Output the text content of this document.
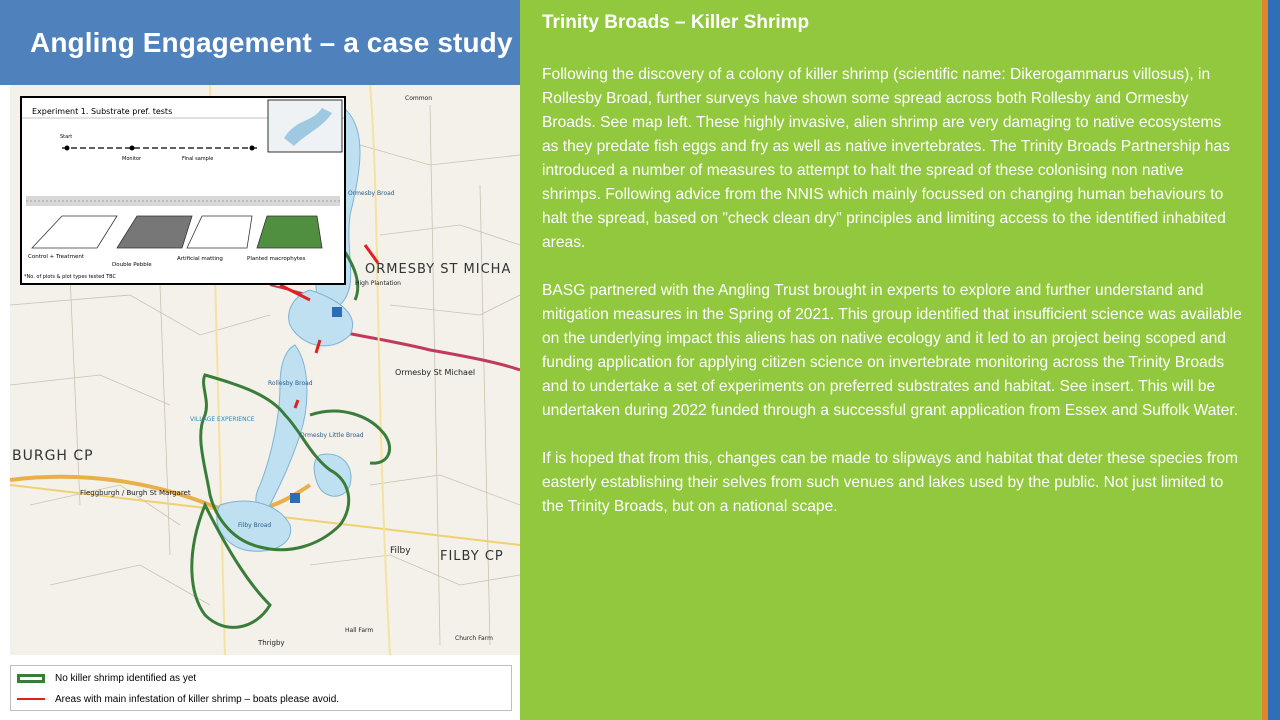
Angling Engagement – a case study
ORMESBY ST MICHA
Ormesby St Michael
BURGH CP
FILBY CP
Filby
Filby Broad
Rollesby Broad
Ormesby Little Broad
Ormesby Broad
High Plantation
Fleggburgh / Burgh St Margaret
VILLAGE EXPERIENCE
Thrigby
Hall Farm
Church Farm
Common
Experiment 1. Substrate pref. tests
Start
Monitor	Final sample
Control + Treatment
Double Pebble
Artificial matting	Planted macrophytes
*No. of plots & plot types tested TBC
No killer shrimp identified as yet
Areas with main infestation of killer shrimp – boats please avoid.
Trinity Broads – Killer Shrimp

Following the discovery of a colony of killer shrimp (scientific name: Dikerogammarus villosus), in Rollesby Broad, further surveys have shown some spread across both Rollesby and Ormesby Broads. See map left. These highly invasive, alien shrimp are very damaging to native ecosystems as they predate fish eggs and fry as well as native invertebrates. The Trinity Broads Partnership has introduced a number of measures to attempt to halt the spread of these colonising non native shrimps. Following advice from the NNIS which mainly focussed on changing human behaviours to halt the spread, based on "check clean dry" principles and limiting access to the identified inhabited areas.

BASG partnered with the Angling Trust brought in experts to explore and further understand and mitigation measures in the Spring of 2021. This group identified that insufficient science was available on the underlying impact this aliens has on native ecology and it led to an project being scoped and funding application for applying citizen science on invertebrate monitoring across the Trinity Broads and to undertake a set of experiments on preferred substrates and habitat. See insert. This will be undertaken during 2022 funded through a successful grant application from Essex and Suffolk Water.

If is hoped that from this, changes can be made to slipways and habitat that deter these species from easterly establishing their selves from such venues and lakes used by the public. Not just limited to the Trinity Broads, but on a national scape.
